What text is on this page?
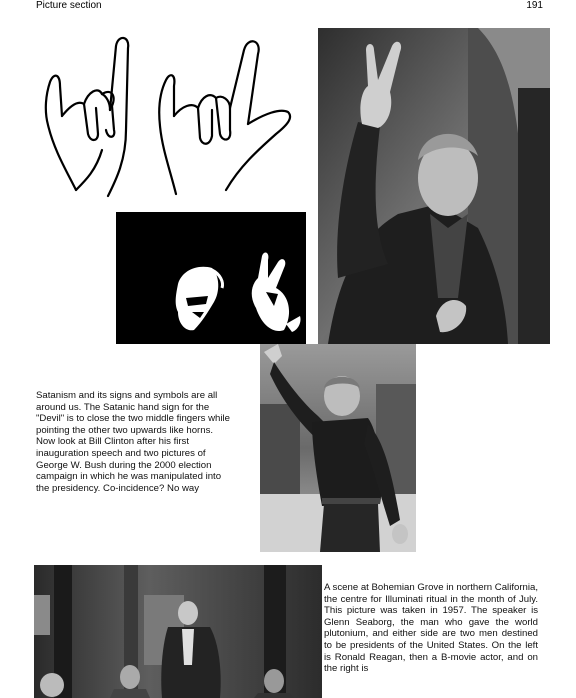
Picture section	191
Satanism and its signs and symbols are all around us. The Satanic hand sign for the "Devil" is to close the two middle fingers while pointing the other two upwards like horns. Now look at Bill Clinton after his first inauguration speech and two pictures of George W. Bush during the 2000 election campaign in which he was manipulated into the presidency. Co-incidence? No way
A scene at Bohemian Grove in northern California, the centre for Illuminati ritual in the month of July. This picture was taken in 1957. The speaker is Glenn Seaborg, the man who gave the world plutonium, and either side are two men destined to be presidents of the United States. On the left is Ronald Reagan, then a B-movie actor, and on the right is
